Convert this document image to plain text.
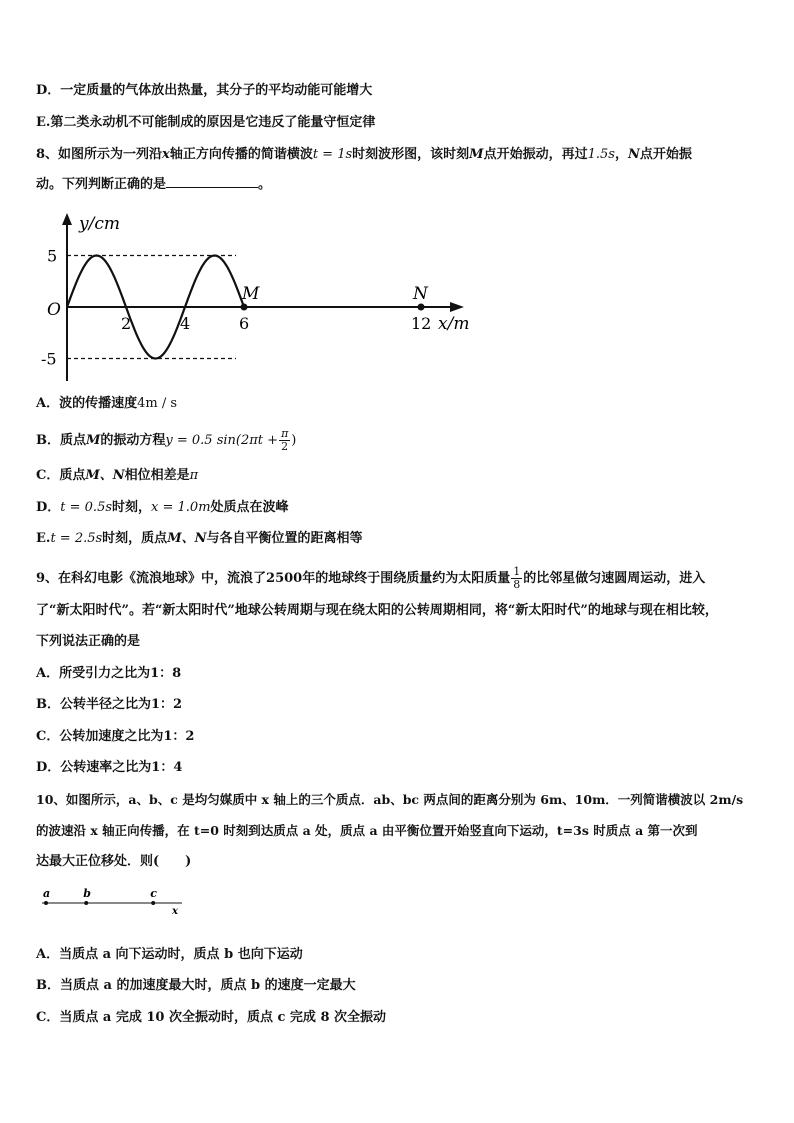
D．一定质量的气体放出热量，其分子的平均动能可能增大
E.第二类永动机不可能制成的原因是它违反了能量守恒定律
8、如图所示为一列沿x轴正方向传播的简谐横波t = 1s时刻波形图，该时刻M点开始振动，再过1.5s，N点开始振
动。下列判断正确的是	。
y/cm
x/m
O
5
-5
2	4	6	12
M	N
A．波的传播速度4m / s
B．质点M的振动方程y = 0.5 $\sin(2\pi t + \frac{\pi}{2}$ )
C．质点M、N相位相差是π
D．t = 0.5s时刻，x = 1.0m处质点在波峰
E.t = 2.5s时刻，质点M、N与各自平衡位置的距离相等
9、在科幻电影《流浪地球》中，流浪了2500年的地球终于围绕质量约为太阳质量 $\frac{1}{8}$ 的比邻星做匀速圆周运动，进入
了“新太阳时代”。若“新太阳时代”地球公转周期与现在绕太阳的公转周期相同，将“新太阳时代”的地球与现在相比较，
下列说法正确的是
A．所受引力之比为1：8
B．公转半径之比为1：2
C．公转加速度之比为1：2
D．公转速率之比为1：4
10、如图所示，a、b、c 是均匀媒质中 x 轴上的三个质点．ab、bc 两点间的距离分别为 6m、10m．一列简谐横波以 2m/s
的波速沿 x 轴正向传播，在 t=0 时刻到达质点 a 处，质点 a 由平衡位置开始竖直向下运动，t=3s 时质点 a 第一次到
达最大正位移处．则(　　)
a	b	c
x
A．当质点 a 向下运动时，质点 b 也向下运动
B．当质点 a 的加速度最大时，质点 b 的速度一定最大
C．当质点 a 完成 10 次全振动时，质点 c 完成 8 次全振动
